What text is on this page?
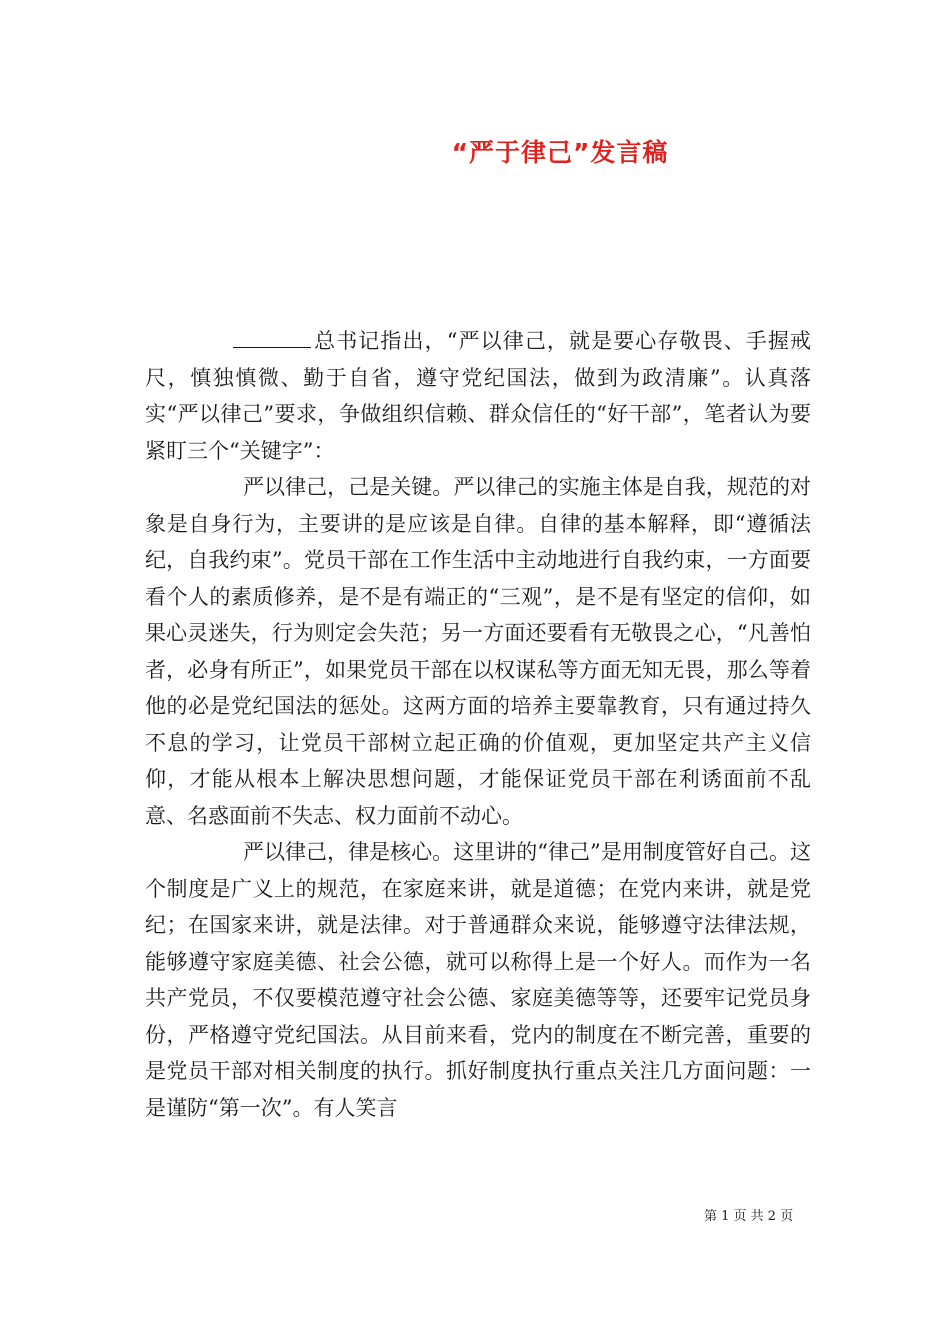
“严于律己”发言稿

总书记指出，“严以律己，就是要心存敬畏、手握戒尺，慎独慎微、勤于自省，遵守党纪国法，做到为政清廉”。认真落实“严以律己”要求，争做组织信赖、群众信任的“好干部”，笔者认为要紧盯三个“关键字”：

严以律己，己是关键。严以律己的实施主体是自我，规范的对象是自身行为，主要讲的是应该是自律。自律的基本解释，即“遵循法纪，自我约束”。党员干部在工作生活中主动地进行自我约束，一方面要看个人的素质修养，是不是有端正的“三观”，是不是有坚定的信仰，如果心灵迷失，行为则定会失范；另一方面还要看有无敬畏之心，“凡善怕者，必身有所正”，如果党员干部在以权谋私等方面无知无畏，那么等着他的必是党纪国法的惩处。这两方面的培养主要靠教育，只有通过持久不息的学习，让党员干部树立起正确的价值观，更加坚定共产主义信仰，才能从根本上解决思想问题，才能保证党员干部在利诱面前不乱意、名惑面前不失志、权力面前不动心。

严以律己，律是核心。这里讲的“律己”是用制度管好自己。这个制度是广义上的规范，在家庭来讲，就是道德；在党内来讲，就是党纪；在国家来讲，就是法律。对于普通群众来说，能够遵守法律法规，能够遵守家庭美德、社会公德，就可以称得上是一个好人。而作为一名共产党员，不仅要模范遵守社会公德、家庭美德等等，还要牢记党员身份，严格遵守党纪国法。从目前来看，党内的制度在不断完善，重要的是党员干部对相关制度的执行。抓好制度执行重点关注几方面问题：一是谨防“第一次”。有人笑言

第 1 页 共 2 页
